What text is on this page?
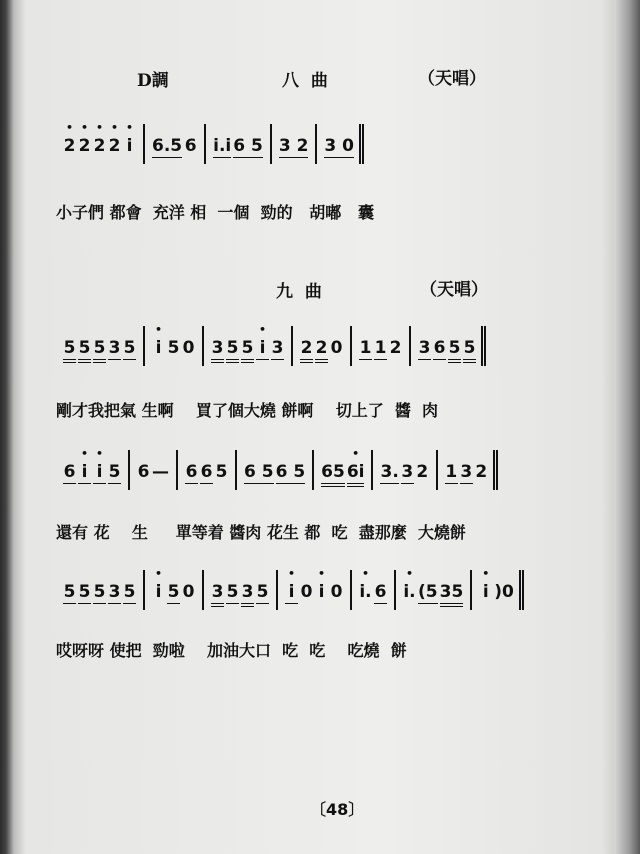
D調	八  曲	（天唱）
• 2 • 2 • 2 • 2 • i 6.5 6 i.i 6 5 3 2 3 0
小子們 都會  充洋 相  一個  勁的   胡嘟   囊
九  曲	（天唱）
5 5 5 3 5 • i 5 0 3 5 5 • i 3 2 2 0 1 1 2 3 6 5 5
剛才我把氣 生啊    買了個大燒 餅啊    切上了  醬  肉
6 • i • i 5 6 — 6 6 5 6 5 6 5 65 • 6i 3. 3 2 1 3 2
還有 花    生     單等着 醬肉 花生 都  吃  盡那麼  大燒餅
5 5 5 3 5 • i 5 0 3 5 3 5 • i 0 • i 0 • i. 6 • i. (5 35 • i )0
哎呀呀 使把  勁啦    加油大口  吃  吃    吃燒  餅
〔48〕
